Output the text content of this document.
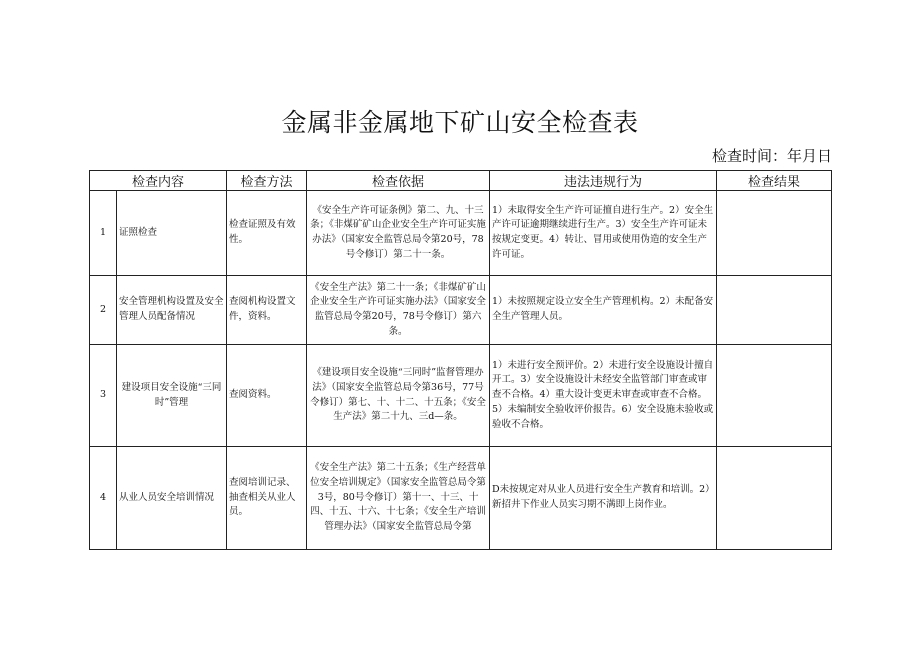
金属非金属地下矿山安全检查表
检查时间：年月日
检查内容		检查方法	检查依据	违法违规行为	检查结果
1	证照检查	检查证照及有效性。	《安全生产许可证条例》第二、九、十三条；《非煤矿矿山企业安全生产许可证实施办法》（国家安全监管总局令第20号，78号令修订）第二十一条。	1）未取得安全生产许可证擅自进行生产。2）安全生产许可证逾期继续进行生产。3）安全生产许可证未按规定变更。4）转让、冒用或使用伪造的安全生产许可证。	
2	安全管理机构设置及安全管理人员配备情况	查阅机构设置文件，资料。	《安全生产法》第二十一条；《非煤矿矿山企业安全生产许可证实施办法》（国家安全监管总局令第20号，78号令修订）第六条。	1）未按照规定设立安全生产管理机构。2）未配备安全生产管理人员。	
3	建设项目安全设施“三同时”管理	查阅资料。	《建设项目安全设施“三同时”监督管理办法》（国家安全监管总局令第36号，77号令修订）第七、十、十二、十五条；《安全生产法》第二十九、三d—条。	1）未进行安全预评价。2）未进行安全设施设计擅自开工。3）安全设施设计未经安全监管部门审查或审查不合格。4）重大设计变更未审查或审查不合格。5）未编制安全验收评价报告。6）安全设施未验收或验收不合格。	
4	从业人员安全培训情况	查阅培训记录、抽查相关从业人员。	《安全生产法》第二十五条；《生产经营单位安全培训规定》（国家安全监管总局令第3号，80号令修订）第十一、十三、十四、十五、十六、十七条；《安全生产培训管理办法》（国家安全监管总局令第	D未按规定对从业人员进行安全生产教育和培训。2）新招井下作业人员实习期不满即上岗作业。	
